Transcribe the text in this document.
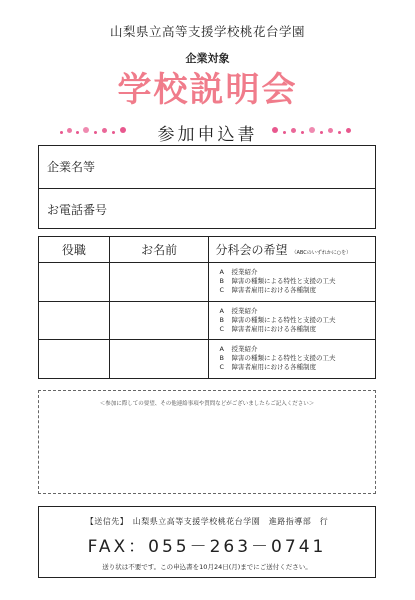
山梨県立高等支援学校桃花台学園
企業対象
学校説明会
参加申込書
企業名等
お電話番号
役職	お名前	分科会の希望 （ABCのいずれかに○を）

		A 授業紹介
B 障害の種類による特性と支援の工夫
C 障害者雇用における各種制度

		A 授業紹介
B 障害の種類による特性と支援の工夫
C 障害者雇用における各種制度

		A 授業紹介
B 障害の種類による特性と支援の工夫
C 障害者雇用における各種制度
＜参加に際しての要望、その他連絡事項や質問などがございましたらご記入ください＞
【送信先】　山梨県立高等支援学校桃花台学園　進路指導部　行
FAX：055－263－0741
送り状は不要です。この申込書を10月24日(月)までにご送付ください。
